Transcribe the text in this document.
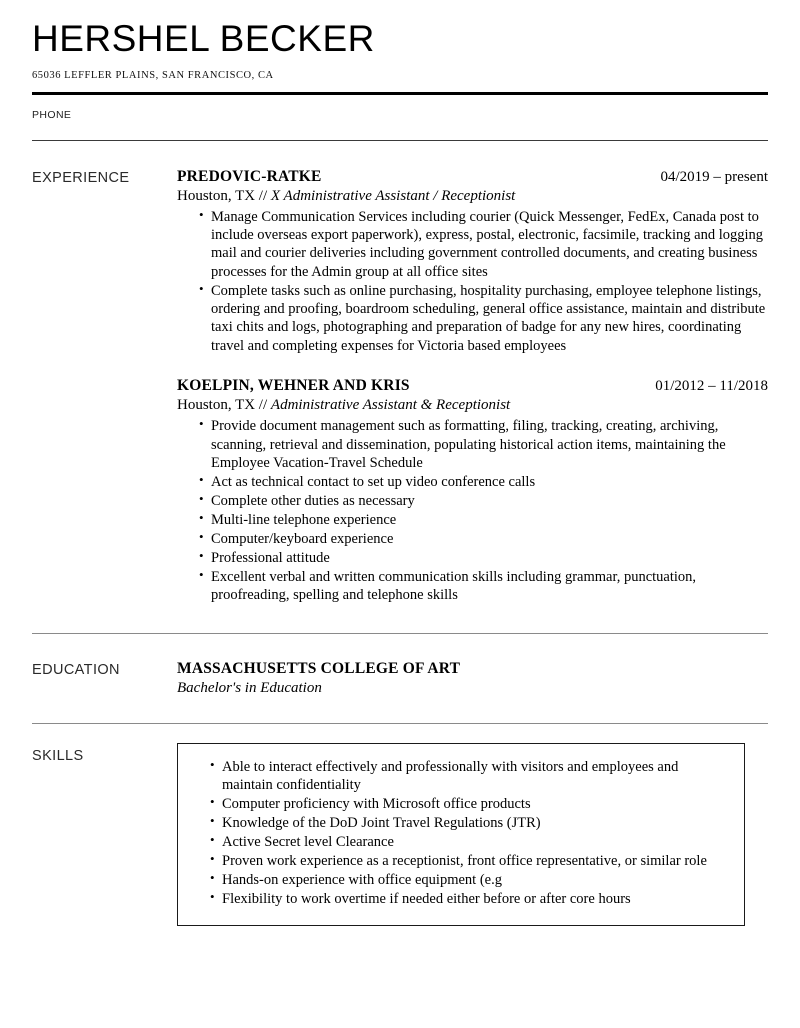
HERSHEL BECKER
65036 LEFFLER PLAINS, SAN FRANCISCO, CA
PHONE
EXPERIENCE	PREDOVIC-RATKE	04/2019 – present
Houston, TX // X Administrative Assistant / Receptionist
• Manage Communication Services including courier (Quick Messenger, FedEx, Canada post to include overseas export paperwork), express, postal, electronic, facsimile, tracking and logging mail and courier deliveries including government controlled documents, and creating business processes for the Admin group at all office sites
• Complete tasks such as online purchasing, hospitality purchasing, employee telephone listings, ordering and proofing, boardroom scheduling, general office assistance, maintain and distribute taxi chits and logs, photographing and preparation of badge for any new hires, coordinating travel and completing expenses for Victoria based employees
KOELPIN, WEHNER AND KRIS	01/2012 – 11/2018
Houston, TX // Administrative Assistant & Receptionist
• Provide document management such as formatting, filing, tracking, creating, archiving, scanning, retrieval and dissemination, populating historical action items, maintaining the Employee Vacation-Travel Schedule
• Act as technical contact to set up video conference calls
• Complete other duties as necessary
• Multi-line telephone experience
• Computer/keyboard experience
• Professional attitude
• Excellent verbal and written communication skills including grammar, punctuation, proofreading, spelling and telephone skills
EDUCATION	MASSACHUSETTS COLLEGE OF ART
Bachelor's in Education
SKILLS
• Able to interact effectively and professionally with visitors and employees and maintain confidentiality
• Computer proficiency with Microsoft office products
• Knowledge of the DoD Joint Travel Regulations (JTR)
• Active Secret level Clearance
• Proven work experience as a receptionist, front office representative, or similar role
• Hands-on experience with office equipment (e.g
• Flexibility to work overtime if needed either before or after core hours
